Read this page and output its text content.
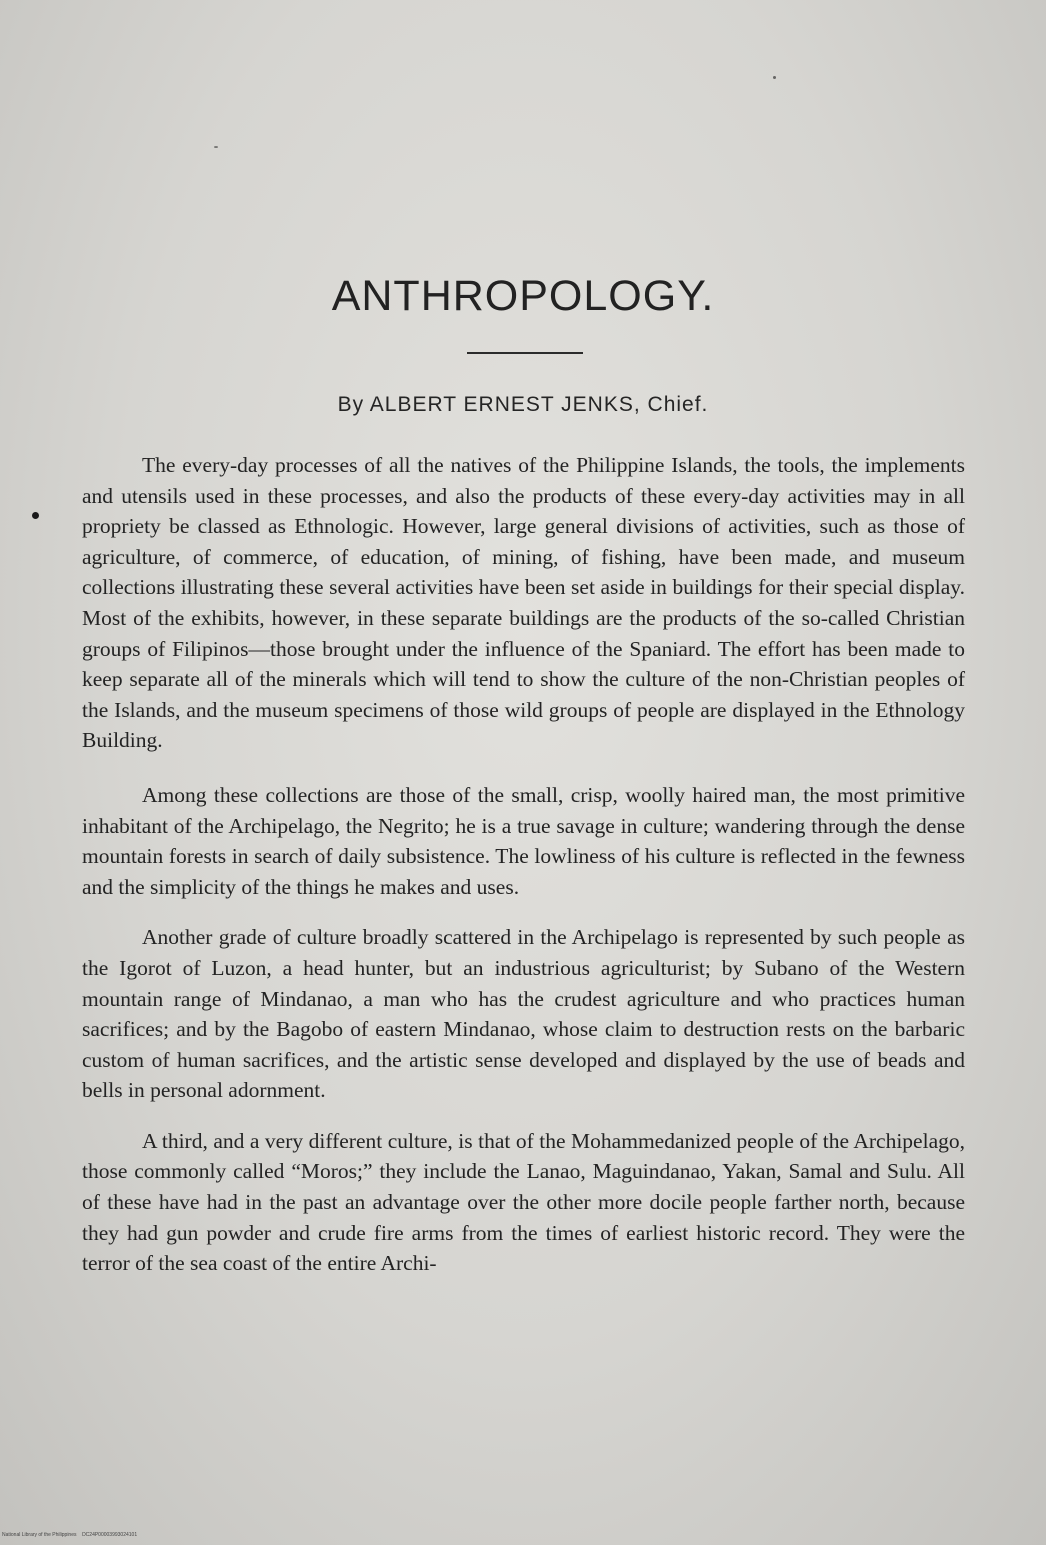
ANTHROPOLOGY.
By ALBERT ERNEST JENKS, Chief.

The every-day processes of all the natives of the Philippine Islands, the tools, the implements and utensils used in these processes, and also the products of these every-day activities may in all propriety be classed as Ethnologic. However, large general divisions of activities, such as those of agriculture, of commerce, of education, of mining, of fishing, have been made, and museum collections illustrating these several activities have been set aside in buildings for their special display. Most of the exhibits, however, in these separate buildings are the products of the so-called Christian groups of Filipinos—those brought under the influence of the Spaniard. The effort has been made to keep separate all of the minerals which will tend to show the culture of the non-Christian peoples of the Islands, and the museum specimens of those wild groups of people are displayed in the Ethnology Building.

Among these collections are those of the small, crisp, woolly haired man, the most primitive inhabitant of the Archipelago, the Negrito; he is a true savage in culture; wandering through the dense mountain forests in search of daily subsistence. The lowliness of his culture is reflected in the fewness and the simplicity of the things he makes and uses.

Another grade of culture broadly scattered in the Archipelago is represented by such people as the Igorot of Luzon, a head hunter, but an industrious agriculturist; by Subano of the Western mountain range of Mindanao, a man who has the crudest agriculture and who practices human sacrifices; and by the Bagobo of eastern Mindanao, whose claim to destruction rests on the barbaric custom of human sacrifices, and the artistic sense developed and displayed by the use of beads and bells in personal adornment.

A third, and a very different culture, is that of the Mohammedanized people of the Archipelago, those commonly called “Moros;” they include the Lanao, Maguindanao, Yakan, Samal and Sulu. All of these have had in the past an advantage over the other more docile people farther north, because they had gun powder and crude fire arms from the times of earliest historic record. They were the terror of the sea coast of the entire Archi-

National Library of the Philippines DC24P00003993024101
